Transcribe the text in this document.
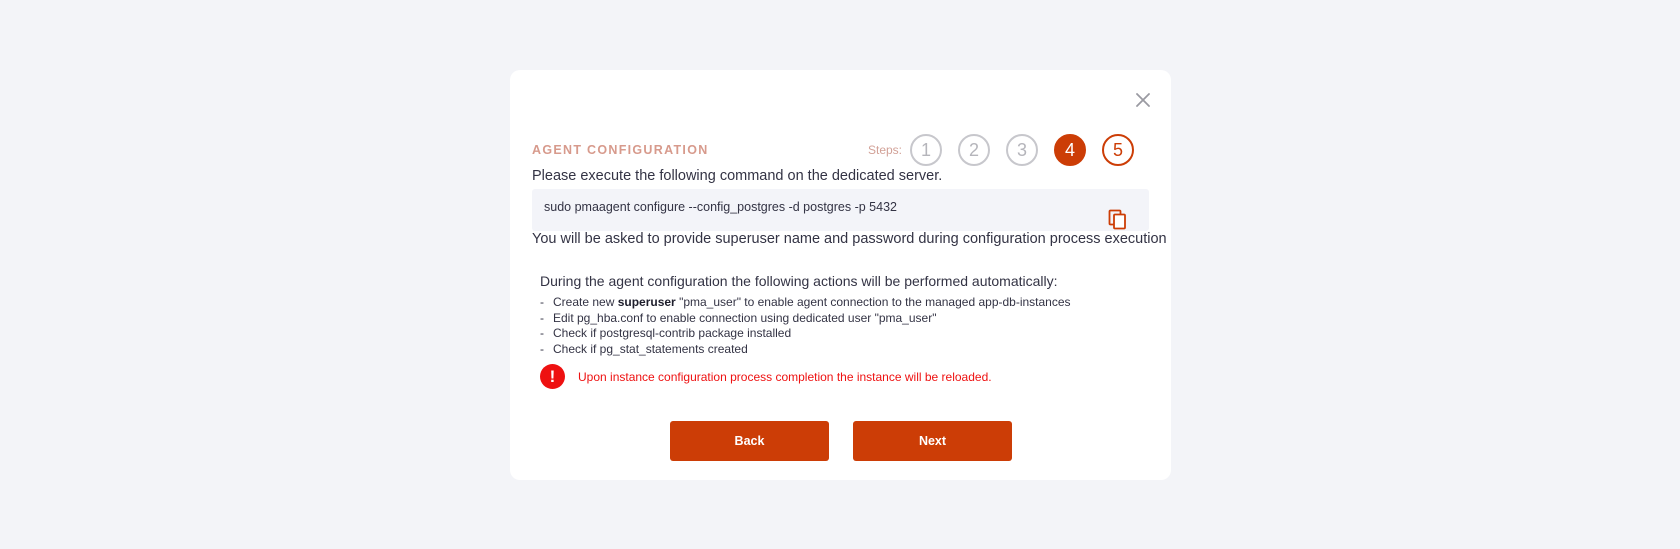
AGENT CONFIGURATION	Steps:	1	2	3	4	5
Please execute the following command on the dedicated server.
sudo pmaagent configure --config_postgres -d postgres -p 5432
You will be asked to provide superuser name and password during configuration process execution
During the agent configuration the following actions will be performed automatically:
- Create new superuser "pma_user" to enable agent connection to the managed app-db-instances
- Edit pg_hba.conf to enable connection using dedicated user "pma_user"
- Check if postgresql-contrib package installed
- Check if pg_stat_statements created
!	Upon instance configuration process completion the instance will be reloaded.
Back	Next
